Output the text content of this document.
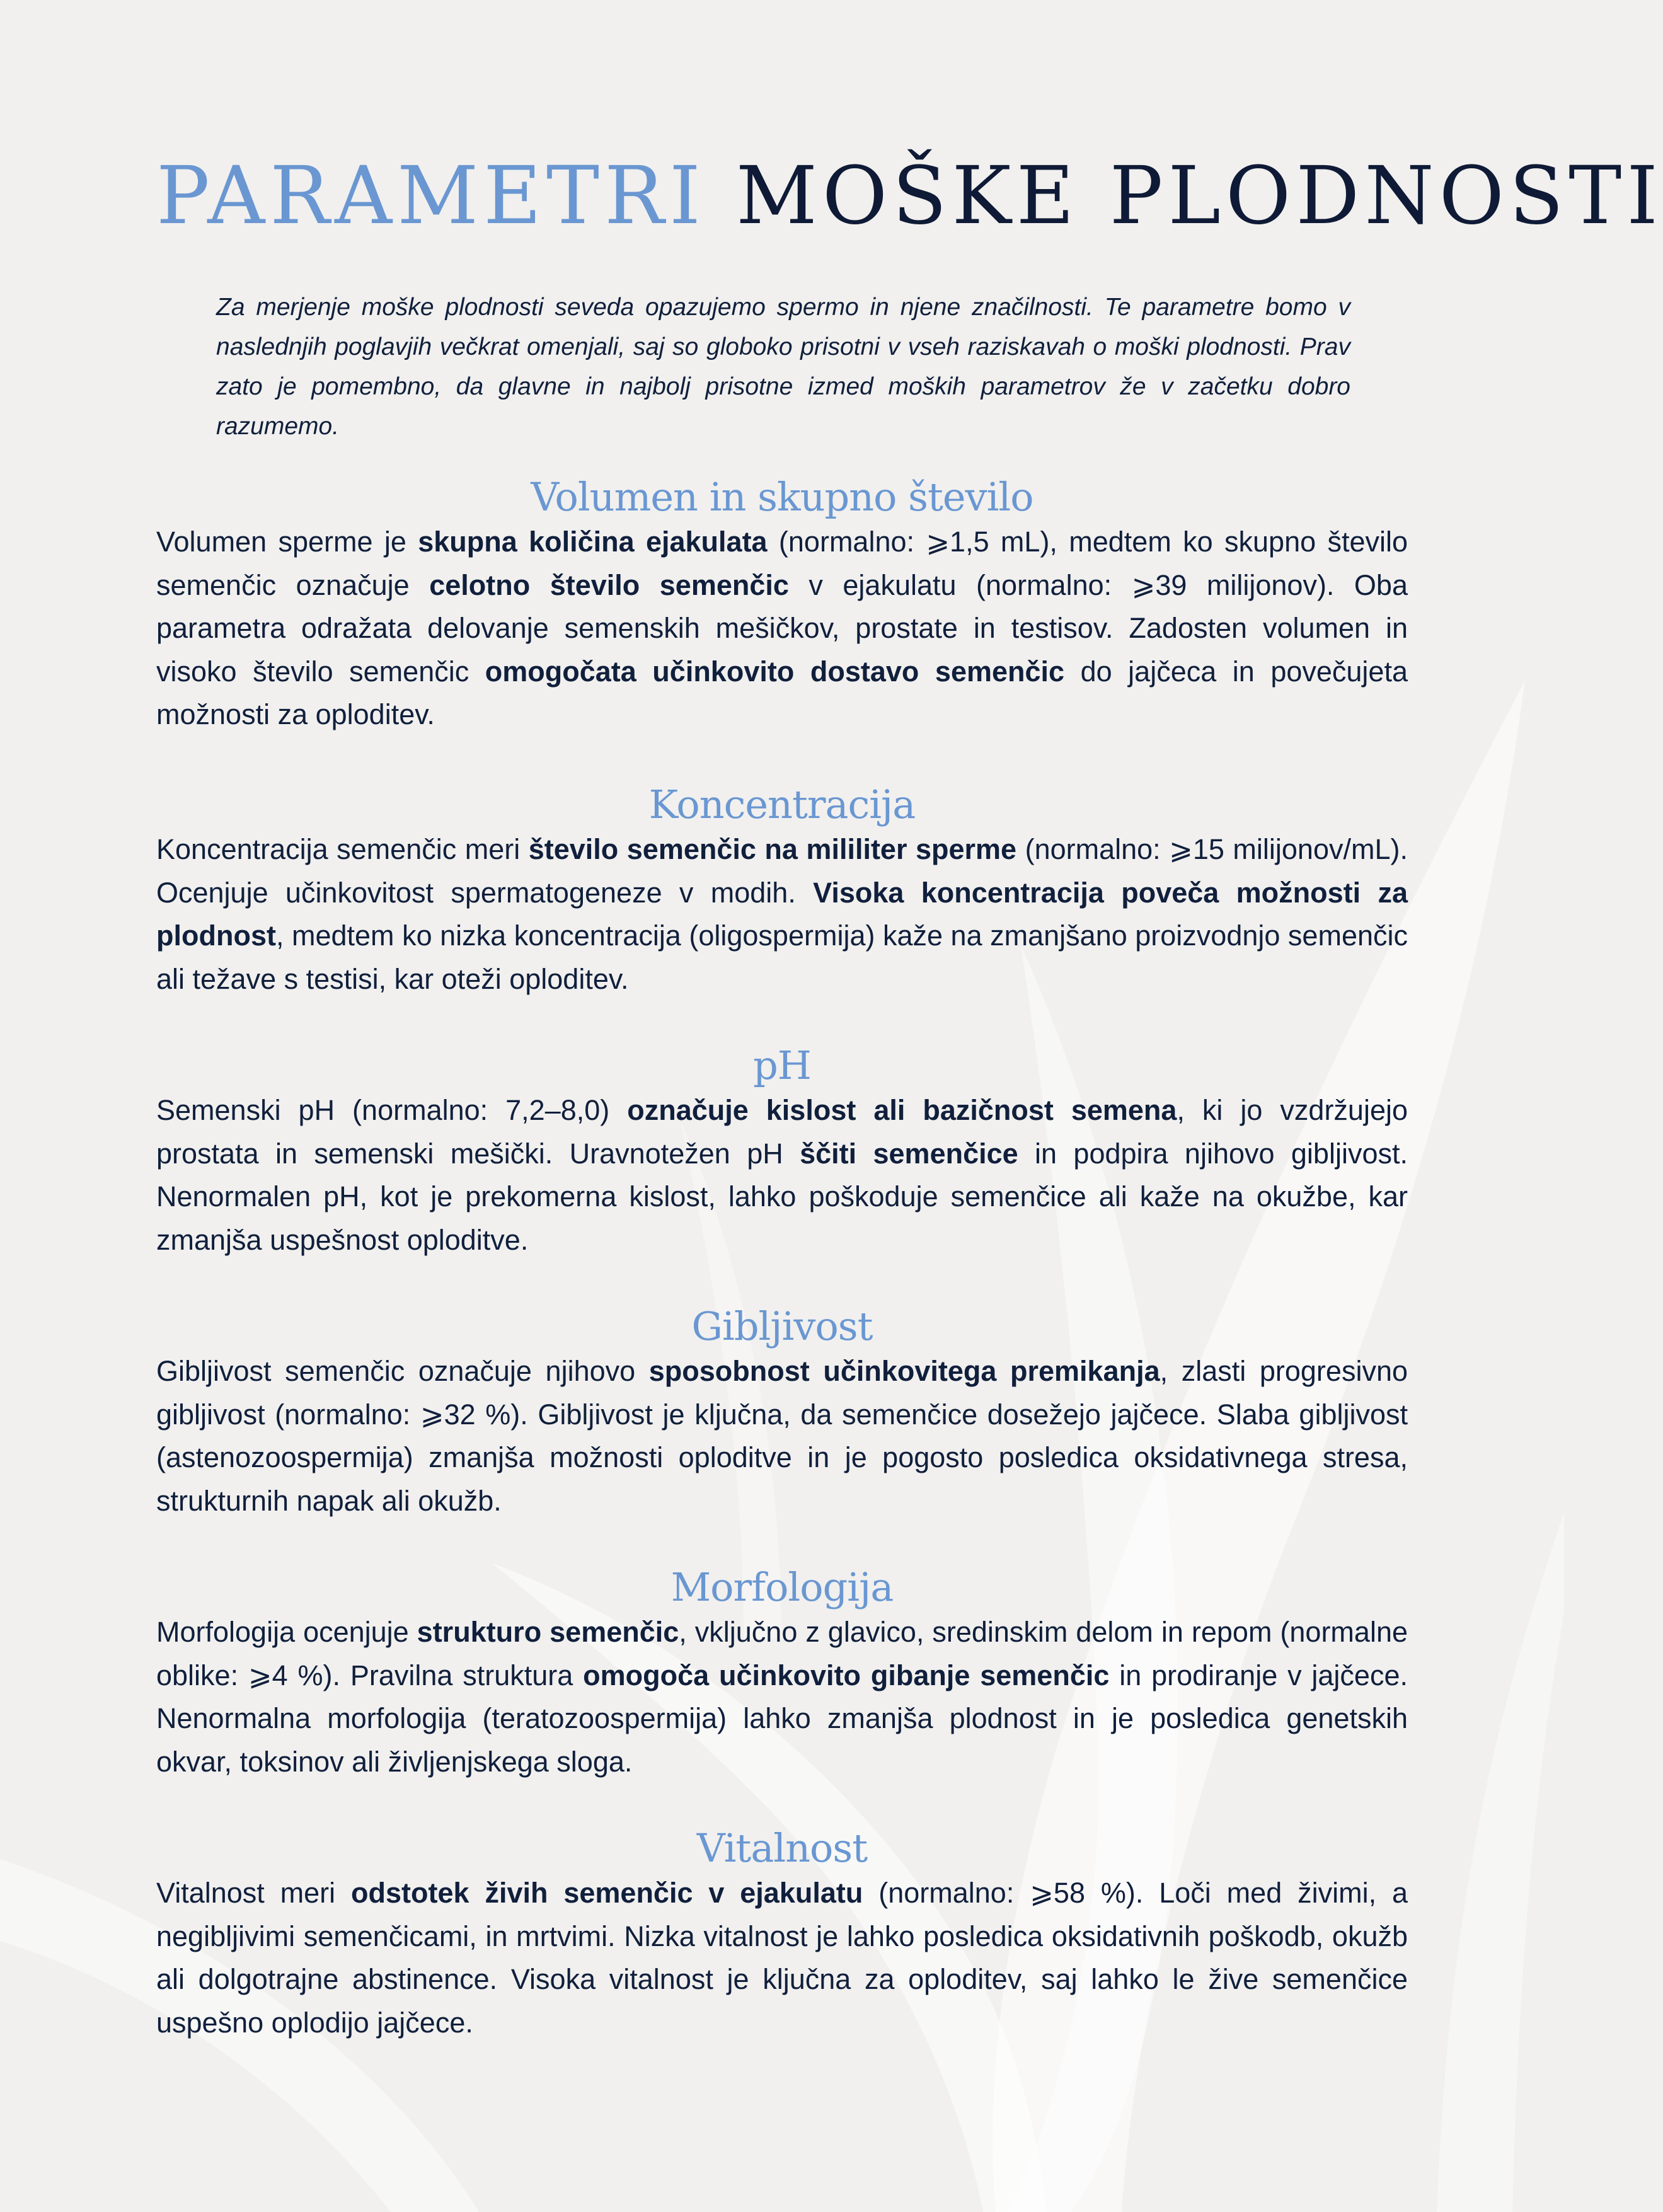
PARAMETRI MOŠKE PLODNOSTI

Za merjenje moške plodnosti seveda opazujemo spermo in njene značilnosti. Te parametre bomo v naslednjih poglavjih večkrat omenjali, saj so globoko prisotni v vseh raziskavah o moški plodnosti. Prav zato je pomembno, da glavne in najbolj prisotne izmed moških parametrov že v začetku dobro razumemo.

Volumen in skupno število

Volumen sperme je skupna količina ejakulata (normalno: ⩾1,5 mL), medtem ko skupno število semenčic označuje celotno število semenčic v ejakulatu (normalno: ⩾39 milijonov). Oba parametra odražata delovanje semenskih mešičkov, prostate in testisov. Zadosten volumen in visoko število semenčic omogočata učinkovito dostavo semenčic do jajčeca in povečujeta možnosti za oploditev.

Koncentracija

Koncentracija semenčic meri število semenčic na mililiter sperme (normalno: ⩾15 milijonov/mL). Ocenjuje učinkovitost spermatogeneze v modih. Visoka koncentracija poveča možnosti za plodnost, medtem ko nizka koncentracija (oligospermija) kaže na zmanjšano proizvodnjo semenčic ali težave s testisi, kar oteži oploditev.

pH

Semenski pH (normalno: 7,2–8,0) označuje kislost ali bazičnost semena, ki jo vzdržujejo prostata in semenski mešički. Uravnotežen pH ščiti semenčice in podpira njihovo gibljivost. Nenormalen pH, kot je prekomerna kislost, lahko poškoduje semenčice ali kaže na okužbe, kar zmanjša uspešnost oploditve.

Gibljivost

Gibljivost semenčic označuje njihovo sposobnost učinkovitega premikanja, zlasti progresivno gibljivost (normalno: ⩾32 %). Gibljivost je ključna, da semenčice dosežejo jajčece. Slaba gibljivost (astenozoospermija) zmanjša možnosti oploditve in je pogosto posledica oksidativnega stresa, strukturnih napak ali okužb.

Morfologija

Morfologija ocenjuje strukturo semenčic, vključno z glavico, sredinskim delom in repom (normalne oblike: ⩾4 %). Pravilna struktura omogoča učinkovito gibanje semenčic in prodiranje v jajčece. Nenormalna morfologija (teratozoospermija) lahko zmanjša plodnost in je posledica genetskih okvar, toksinov ali življenjskega sloga.

Vitalnost

Vitalnost meri odstotek živih semenčic v ejakulatu (normalno: ⩾58 %). Loči med živimi, a negibljivimi semenčicami, in mrtvimi. Nizka vitalnost je lahko posledica oksidativnih poškodb, okužb ali dolgotrajne abstinence. Visoka vitalnost je ključna za oploditev, saj lahko le žive semenčice uspešno oplodijo jajčece.
